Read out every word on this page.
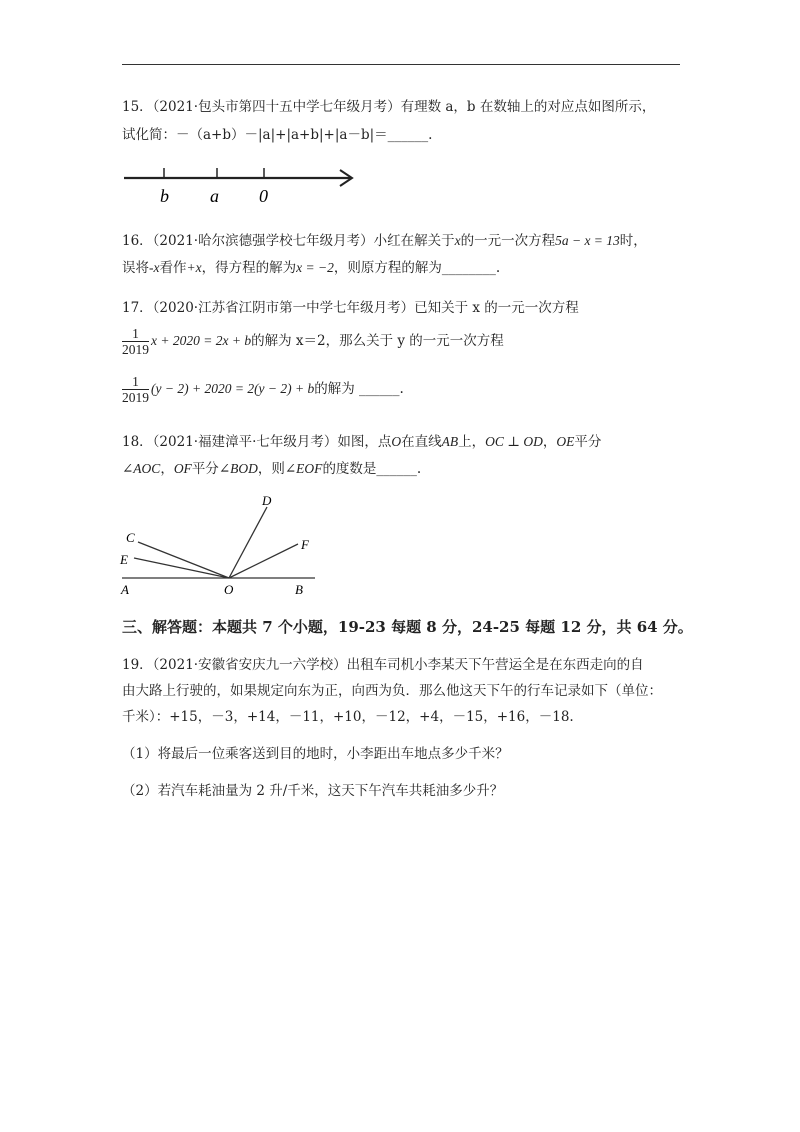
15．（2021·包头市第四十五中学七年级月考）有理数 a，b 在数轴上的对应点如图所示，
试化简：－（a+b）－|a|+|a+b|+|a－b|＝______.
b a 0
16．（2021·哈尔滨德强学校七年级月考）小红在解关于x的一元一次方程5a − x = 13时，
误将-x看作+x，得方程的解为x = −2，则原方程的解为________.
17．（2020·江苏省江阴市第一中学七年级月考）已知关于 x 的一元一次方程
$\frac{1}{2019}$ x + 2020 = 2x + b的解为 x＝2，那么关于 y 的一元一次方程
$\frac{1}{2019} (y - 2) + 2020 = 2(y - 2) + b$的解为 ______.
18．（2021·福建漳平·七年级月考）如图，点O在直线AB上，OC ⊥ OD，OE平分
∠AOC，OF平分∠BOD，则∠EOF的度数是______.
D
C	F
E
A	O	B
三、解答题：本题共 7 个小题，19-23 每题 8 分，24-25 每题 12 分，共 64 分。
19．（2021·安徽省安庆九一六学校）出租车司机小李某天下午营运全是在东西走向的自
由大路上行驶的，如果规定向东为正，向西为负．那么他这天下午的行车记录如下（单位：
千米）：+15，－3，+14，－11，+10，－12，+4，－15，+16，－18.
（1）将最后一位乘客送到目的地时，小李距出车地点多少千米？
（2）若汽车耗油量为 2 升/千米，这天下午汽车共耗油多少升？
